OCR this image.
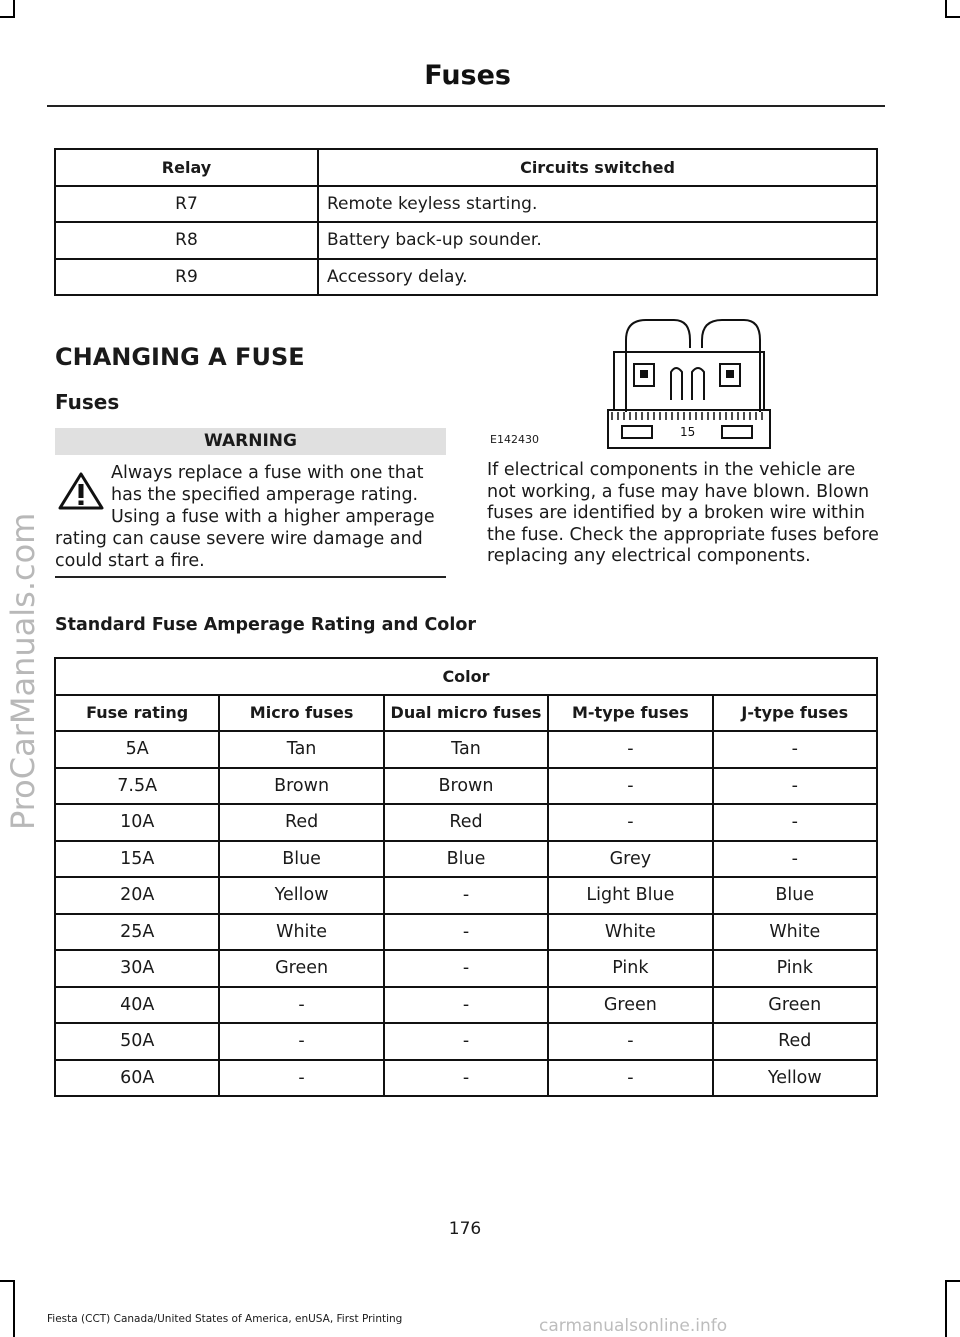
Fuses
Relay	Circuits switched
R7	Remote keyless starting.
R8	Battery back-up sounder.
R9	Accessory delay.
CHANGING A FUSE
Fuses
WARNING
Always replace a fuse with one that has the specified amperage rating. Using a fuse with a higher amperage rating can cause severe wire damage and could start a fire.
15
E142430
If electrical components in the vehicle are not working, a fuse may have blown. Blown fuses are identified by a broken wire within the fuse. Check the appropriate fuses before replacing any electrical components.
Standard Fuse Amperage Rating and Color
Color				
Fuse rating	Micro fuses	Dual micro fuses	M-type fuses	J-type fuses
5A	Tan	Tan	-	-
7.5A	Brown	Brown	-	-
10A	Red	Red	-	-
15A	Blue	Blue	Grey	-
20A	Yellow	-	Light Blue	Blue
25A	White	-	White	White
30A	Green	-	Pink	Pink
40A	-	-	Green	Green
50A	-	-	-	Red
60A	-	-	-	Yellow
176
Fiesta (CCT) Canada/United States of America, enUSA, First Printing	carmanualsonline.info
ProCarManuals.com
